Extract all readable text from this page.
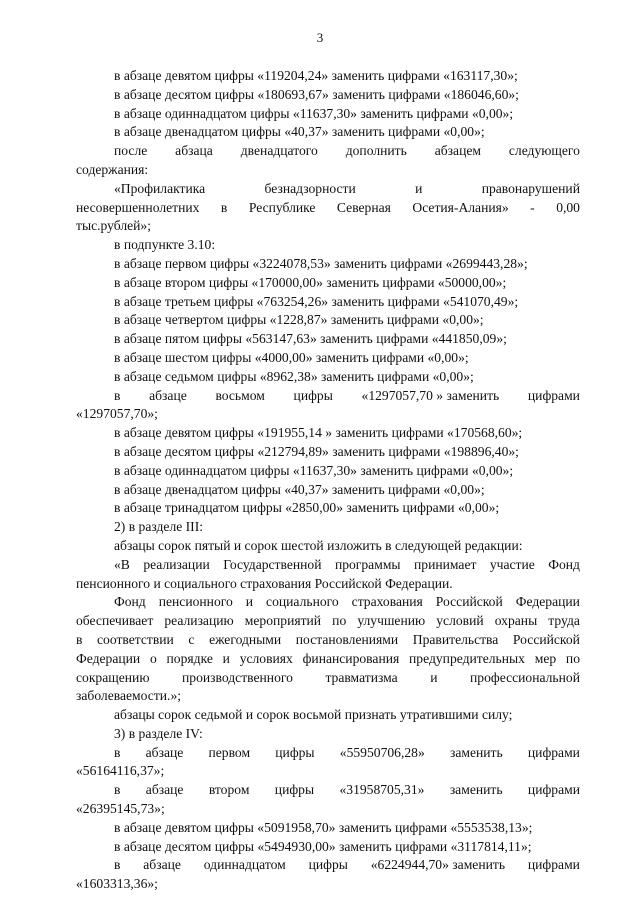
3
в абзаце девятом цифры «119204,24» заменить цифрами «163117,30»;
в абзаце десятом цифры «180693,67» заменить цифрами «186046,60»;
в абзаце одиннадцатом цифры «11637,30» заменить цифрами «0,00»;
в абзаце двенадцатом цифры «40,37» заменить цифрами «0,00»;
после абзаца двенадцатого дополнить абзацем следующего
содержания:
«Профилактика	безнадзорности	и	правонарушений
несовершеннолетних в Республике Северная Осетия-Алания» - 0,00
тыс.рублей»;
в подпункте 3.10:
в абзаце первом цифры «3224078,53» заменить цифрами «2699443,28»;
в абзаце втором цифры «170000,00» заменить цифрами «50000,00»;
в абзаце третьем цифры «763254,26» заменить цифрами «541070,49»;
в абзаце четвертом цифры «1228,87» заменить цифрами «0,00»;
в абзаце пятом цифры «563147,63» заменить цифрами «441850,09»;
в абзаце шестом цифры «4000,00» заменить цифрами «0,00»;
в абзаце седьмом цифры «8962,38» заменить цифрами «0,00»;
в абзаце восьмом цифры «1297057,70 » заменить цифрами
«1297057,70»;
в абзаце девятом цифры «191955,14 » заменить цифрами «170568,60»;
в абзаце десятом цифры «212794,89» заменить цифрами «198896,40»;
в абзаце одиннадцатом цифры «11637,30» заменить цифрами «0,00»;
в абзаце двенадцатом цифры «40,37» заменить цифрами «0,00»;
в абзаце тринадцатом цифры «2850,00» заменить цифрами «0,00»;
2) в разделе III:
абзацы сорок пятый и сорок шестой изложить в следующей редакции:
«В реализации Государственной программы принимает участие Фонд
пенсионного и социального страхования Российской Федерации.
Фонд пенсионного и социального страхования Российской Федерации
обеспечивает реализацию мероприятий по улучшению условий охраны труда
в соответствии с ежегодными постановлениями Правительства Российской
Федерации о порядке и условиях финансирования предупредительных мер по
сокращению производственного травматизма и профессиональной
заболеваемости.»;
абзацы сорок седьмой и сорок восьмой признать утратившими силу;
3) в разделе IV:
в абзаце первом цифры «55950706,28» заменить цифрами
«56164116,37»;
в абзаце втором цифры «31958705,31» заменить цифрами
«26395145,73»;
в абзаце девятом цифры «5091958,70» заменить цифрами «5553538,13»;
в абзаце десятом цифры «5494930,00» заменить цифрами «3117814,11»;
в абзаце одиннадцатом цифры «6224944,70» заменить цифрами
«1603313,36»;
